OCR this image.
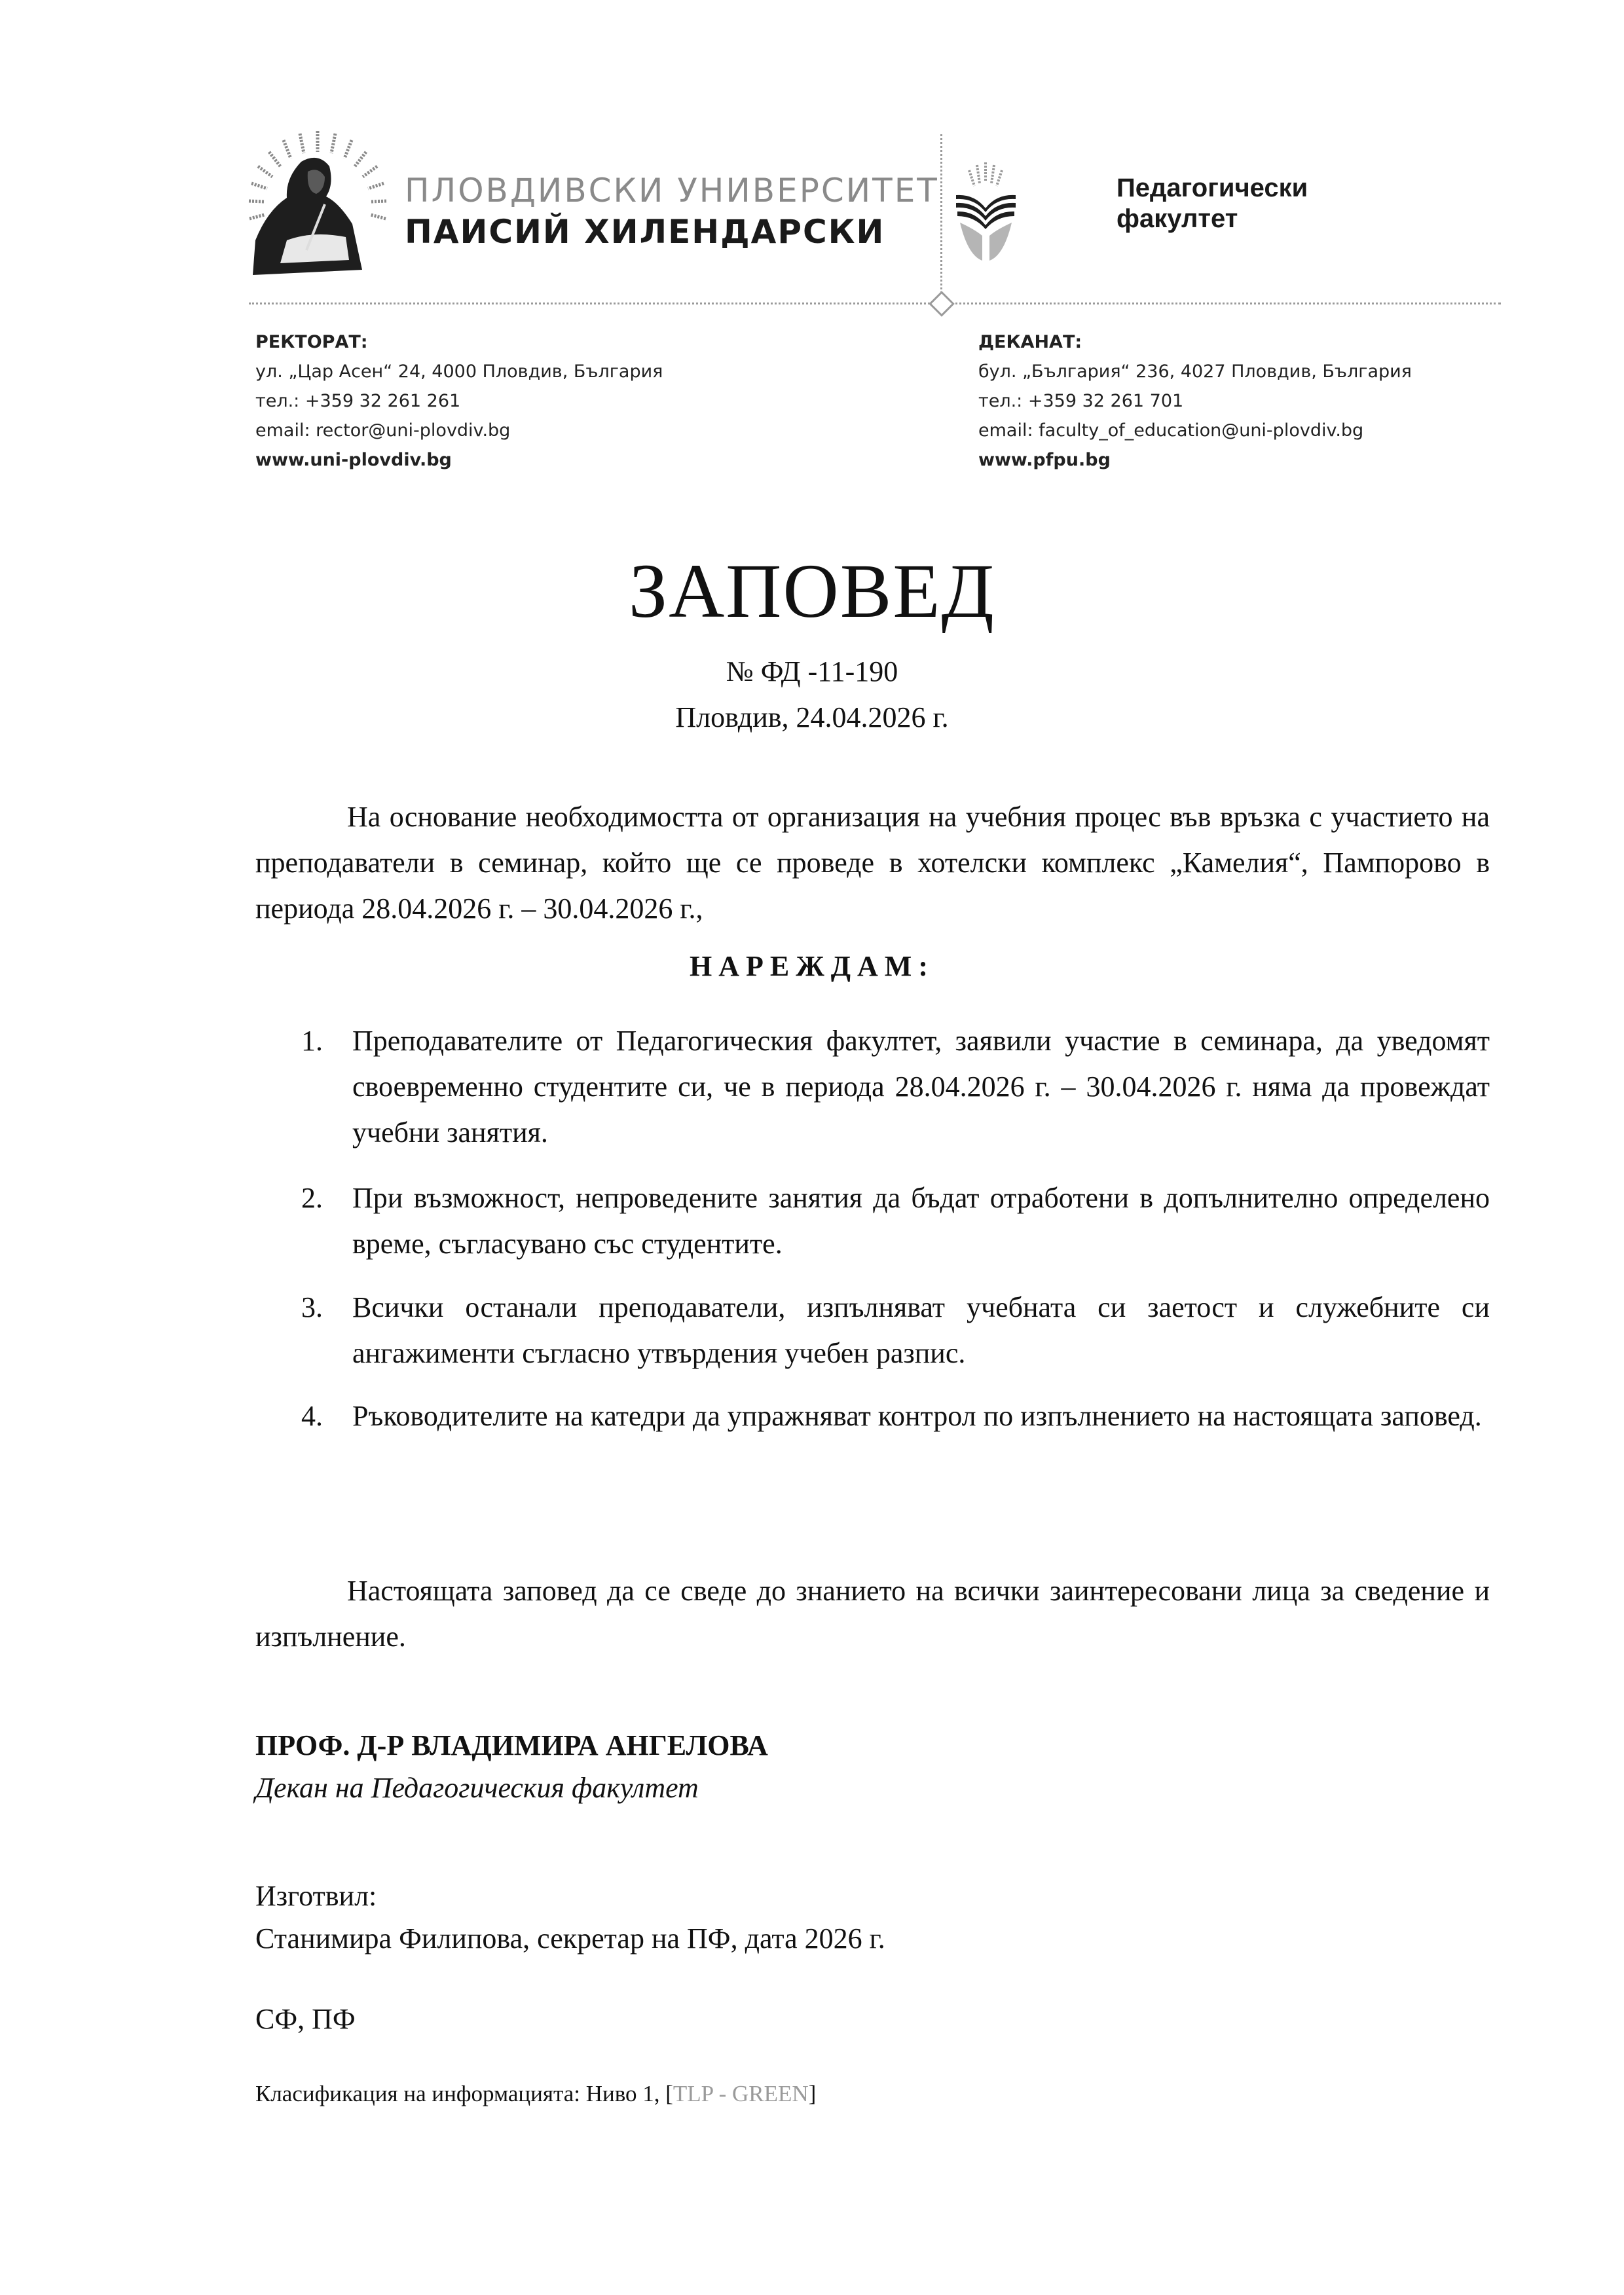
ПЛОВДИВСКИ УНИВЕРСИТЕТ
ПАИСИЙ ХИЛЕНДАРСКИ
Педагогически
факултет
РЕКТОРАТ:
ул. „Цар Асен“ 24, 4000 Пловдив, България
тел.: +359 32 261 261
email: rector@uni-plovdiv.bg
www.uni-plovdiv.bg
ДЕКАНАТ:
бул. „България“ 236, 4027 Пловдив, България
тел.: +359 32 261 701
email: faculty_of_education@uni-plovdiv.bg
www.pfpu.bg
ЗАПОВЕД
№ ФД -11-190
Пловдив, 24.04.2026 г.
На основание необходимостта от организация на учебния процес във връзка с участието на преподаватели в семинар, който ще се проведе в хотелски комплекс „Камелия“, Пампорово в периода 28.04.2026 г. – 30.04.2026 г.,
НАРЕЖДАМ:
1. Преподавателите от Педагогическия факултет, заявили участие в семинара, да уведомят своевременно студентите си, че в периода 28.04.2026 г. – 30.04.2026 г. няма да провеждат учебни занятия.
2. При възможност, непроведените занятия да бъдат отработени в допълнително определено време, съгласувано със студентите.
3. Всички останали преподаватели, изпълняват учебната си заетост и служебните си ангажименти съгласно утвърдения учебен разпис.
4. Ръководителите на катедри да упражняват контрол по изпълнението на настоящата заповед.
Настоящата заповед да се сведе до знанието на всички заинтересовани лица за сведение и изпълнение.
ПРОФ. Д-Р ВЛАДИМИРА АНГЕЛОВА
Декан на Педагогическия факултет
Изготвил:
Станимира Филипова, секретар на ПФ, дата 2026 г.
СФ, ПФ
Класификация на информацията: Ниво 1, [TLP - GREEN]
